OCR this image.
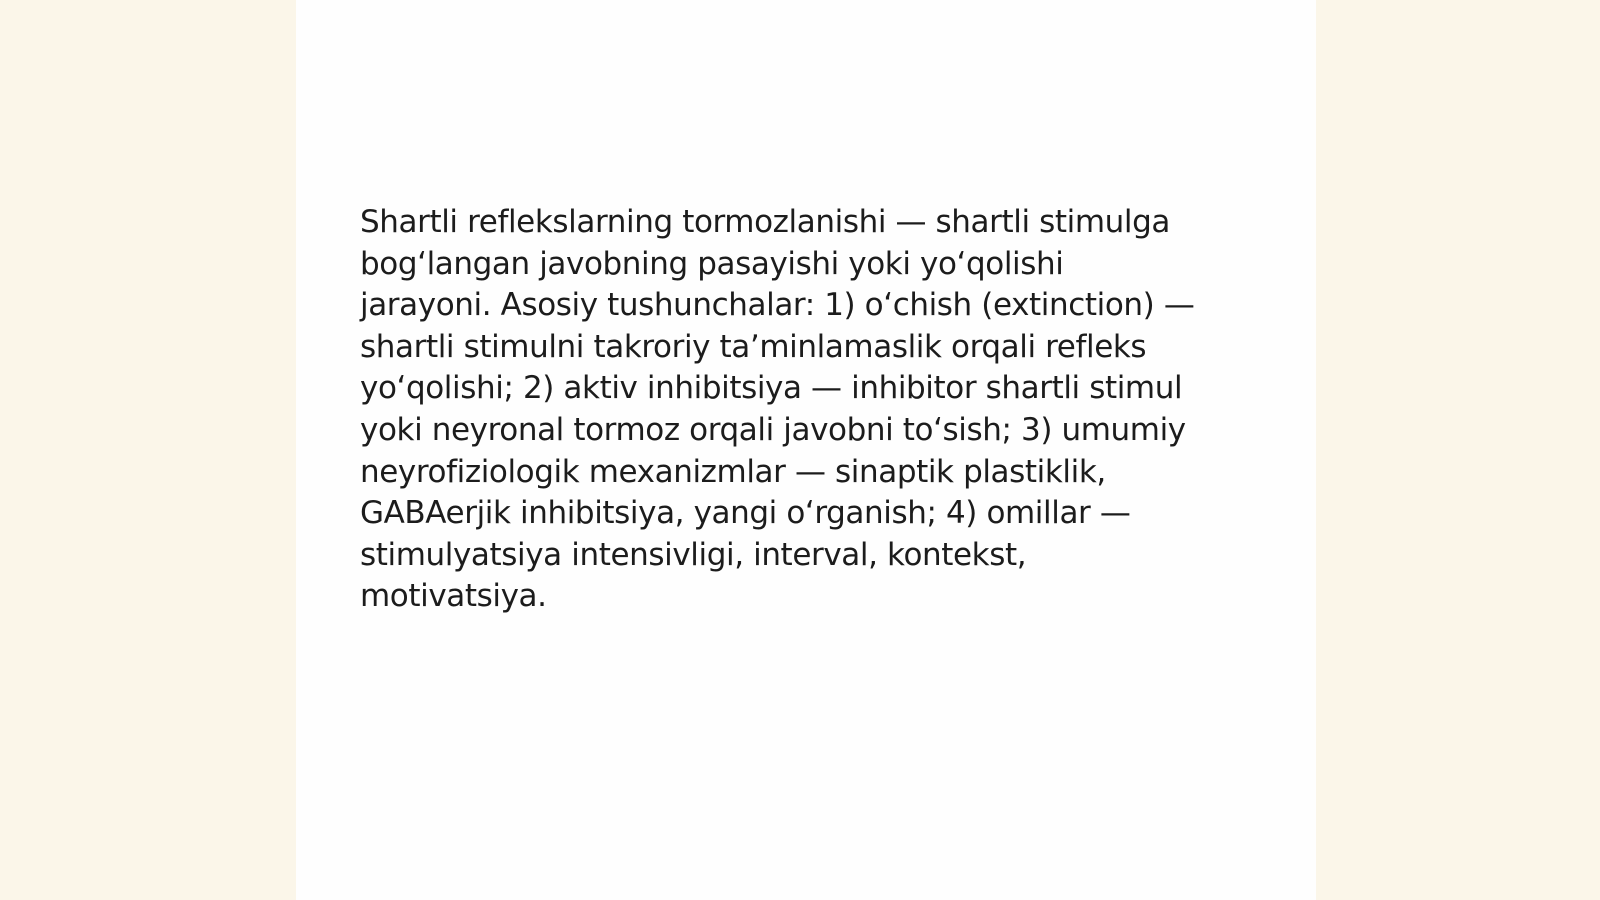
Shartli reflekslarning tormozlanishi — shartli stimulga
bog‘langan javobning pasayishi yoki yo‘qolishi
jarayoni. Asosiy tushunchalar: 1) o‘chish (extinction) —
shartli stimulni takroriy ta’minlamaslik orqali refleks
yo‘qolishi; 2) aktiv inhibitsiya — inhibitor shartli stimul
yoki neyronal tormoz orqali javobni to‘sish; 3) umumiy
neyrofiziologik mexanizmlar — sinaptik plastiklik,
GABAerjik inhibitsiya, yangi o‘rganish; 4) omillar —
stimulyatsiya intensivligi, interval, kontekst,
motivatsiya.
